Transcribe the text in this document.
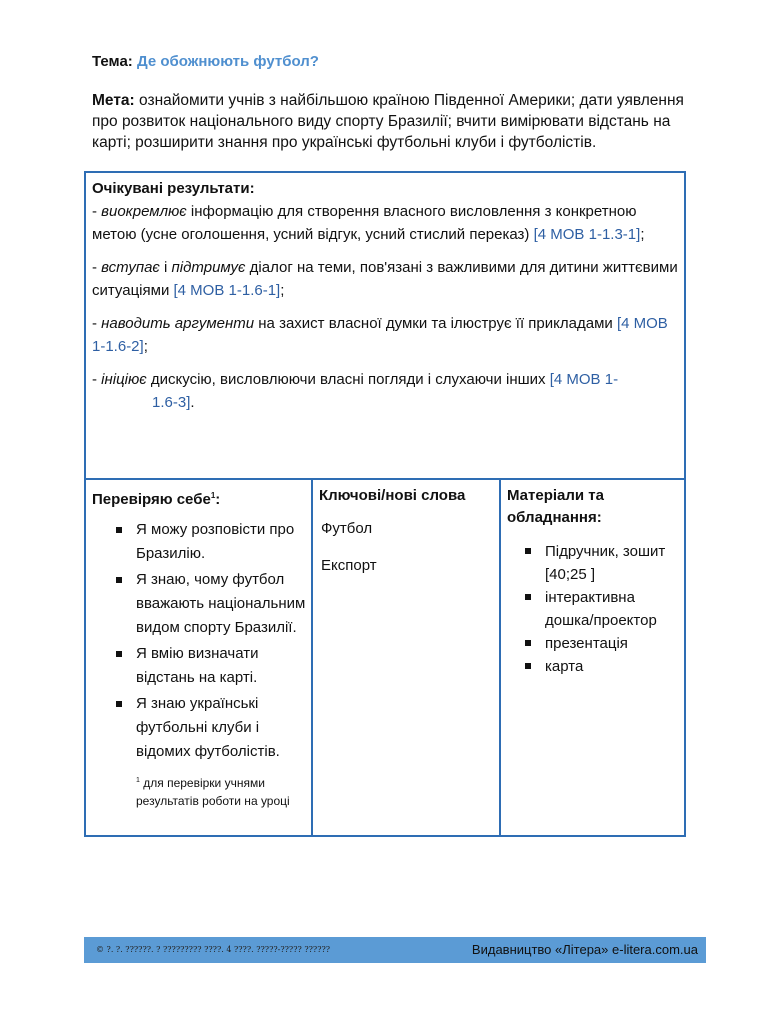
Тема: Де обожнюють футбол?
Мета: ознайомити учнів з найбільшою країною Південної Америки; дати уявлення про розвиток національного виду спорту Бразилії; вчити вимірювати відстань на карті; розширити знання про українські футбольні клуби і футболістів.
Очікувані результати:
- виокремлює інформацію для створення власного висловлення з конкретною метою (усне оголошення, усний відгук, усний стислий переказ) [4 МОВ 1-1.3-1];
- вступає і підтримує діалог на теми, пов'язані з важливими для дитини життєвими ситуаціями [4 МОВ 1-1.6-1];
- наводить аргументи на захист власної думки та ілюструє її прикладами [4 МОВ 1-1.6-2];
- ініціює дискусію, висловлюючи власні погляди і слухаючи інших [4 МОВ 1-
1.6-3].
Перевіряю себе$^1$:
Я можу розповісти про Бразилію.
Я знаю, чому футбол вважають національним видом спорту Бразилії.
Я вмію визначати відстань на карті.
Я знаю українські футбольні клуби і відомих футболістів.
$^1$ для перевірки учнями результатів роботи на уроці
Ключові/нові слова
Футбол
Експорт
Матеріали та
обладнання:
Підручник, зошит [40;25 ]
інтерактивна дошка/проектор
презентація
карта
© ?. ?. ??????. ? ????????? ????. 4 ????. ?????-????? ??????	Видавництво «Літера» e-litera.com.ua
